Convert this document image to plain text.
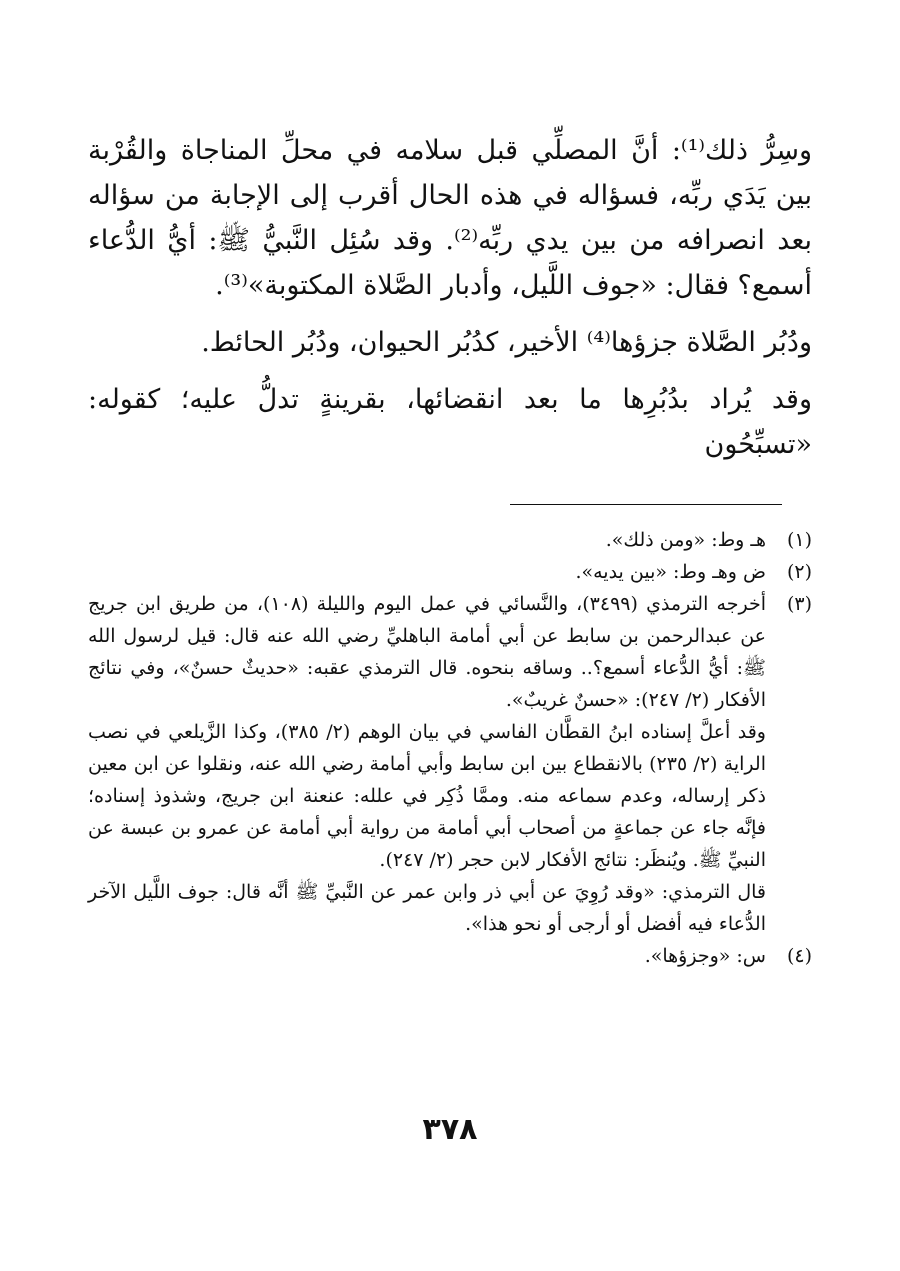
وسِرُّ ذلك⁽¹⁾: أنَّ المصلِّي قبل سلامه في محلِّ المناجاة والقُرْبة بين يَدَي ربِّه، فسؤاله في هذه الحال أقرب إلى الإجابة من سؤاله بعد انصرافه من بين يدي ربِّه⁽²⁾. وقد سُئِل النَّبيُّ ﷺ: أيُّ الدُّعاء أسمع؟ فقال: «جوف اللَّيل، وأدبار الصَّلاة المكتوبة»⁽³⁾.

ودُبُر الصَّلاة جزؤها⁽⁴⁾ الأخير، كدُبُر الحيوان، ودُبُر الحائط.

وقد يُراد بدُبُرِها ما بعد انقضائها، بقرينةٍ تدلُّ عليه؛ كقوله: «تسبِّحُون

(١)

هـ وط: «ومن ذلك».

(٢)

ض وهـ وط: «بين يديه».

(٣)

أخرجه الترمذي (٣٤٩٩)، والنَّسائي في عمل اليوم والليلة (١٠٨)، من طريق ابن جريج عن عبدالرحمن بن سابط عن أبي أمامة الباهليِّ رضي الله عنه قال: قيل لرسول الله ﷺ: أيُّ الدُّعاء أسمع؟.. وساقه بنحوه. قال الترمذي عقبه: «حديثٌ حسنٌ»، وفي نتائج الأفكار (٢/ ٢٤٧): «حسنٌ غريبٌ».

وقد أعلَّ إسناده ابنُ القطَّان الفاسي في بيان الوهم (٢/ ٣٨٥)، وكذا الزَّيلعي في نصب الراية (٢/ ٢٣٥) بالانقطاع بين ابن سابط وأبي أمامة رضي الله عنه، ونقلوا عن ابن معين ذكر إرساله، وعدم سماعه منه. وممَّا ذُكِر في علله: عنعنة ابن جريج، وشذوذ إسناده؛ فإنَّه جاء عن جماعةٍ من أصحاب أبي أمامة من رواية أبي أمامة عن عمرو بن عبسة عن النبيِّ ﷺ. ويُنظَر: نتائج الأفكار لابن حجر (٢/ ٢٤٧).

قال الترمذي: «وقد رُوِيَ عن أبي ذر وابن عمر عن النَّبيِّ ﷺ أنَّه قال: جوف اللَّيل الآخر الدُّعاء فيه أفضل أو أرجى أو نحو هذا».

(٤)

س: «وجزؤها».

٣٧٨
